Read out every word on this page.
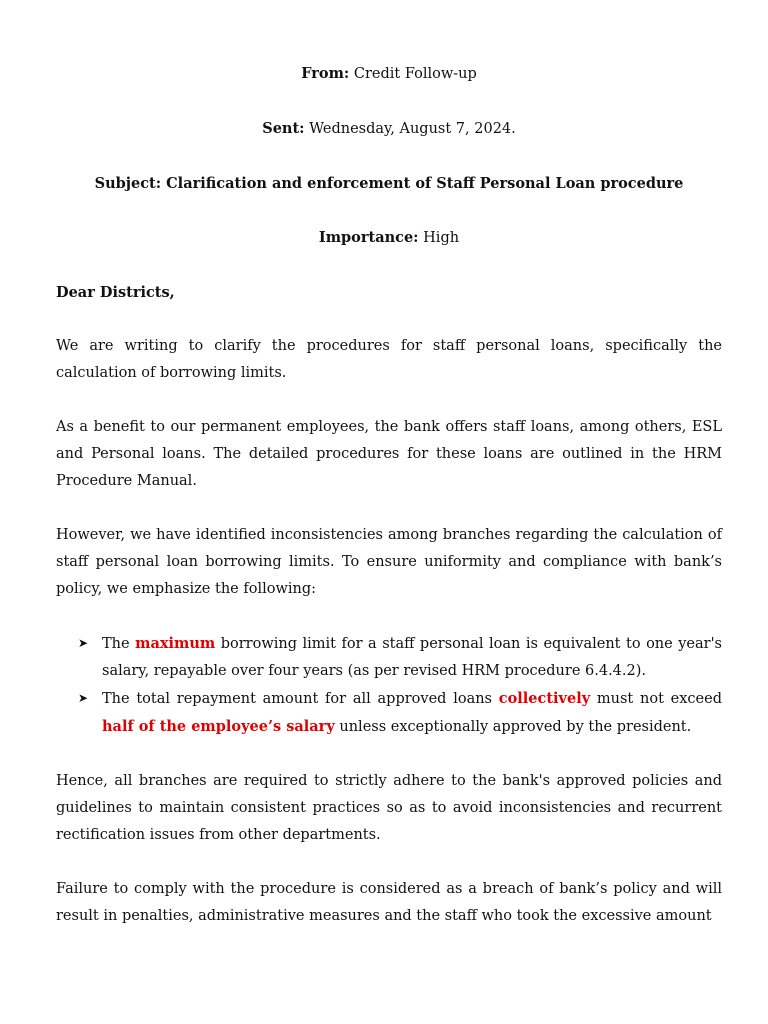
From: Credit Follow-up

Sent: Wednesday, August 7, 2024.

Subject: Clarification and enforcement of Staff Personal Loan procedure

Importance: High

Dear Districts,

We are writing to clarify the procedures for staff personal loans, specifically the calculation of borrowing limits.

As a benefit to our permanent employees, the bank offers staff loans, among others, ESL and Personal loans. The detailed procedures for these loans are outlined in the HRM Procedure Manual.

However, we have identified inconsistencies among branches regarding the calculation of staff personal loan borrowing limits. To ensure uniformity and compliance with bank’s policy, we emphasize the following:

➤ The maximum borrowing limit for a staff personal loan is equivalent to one year's salary, repayable over four years (as per revised HRM procedure 6.4.4.2).
➤ The total repayment amount for all approved loans collectively must not exceed half of the employee’s salary unless exceptionally approved by the president.

Hence, all branches are required to strictly adhere to the bank's approved policies and guidelines to maintain consistent practices so as to avoid inconsistencies and recurrent rectification issues from other departments.

Failure to comply with the procedure is considered as a breach of bank’s policy and will result in penalties, administrative measures and the staff who took the excessive amount
